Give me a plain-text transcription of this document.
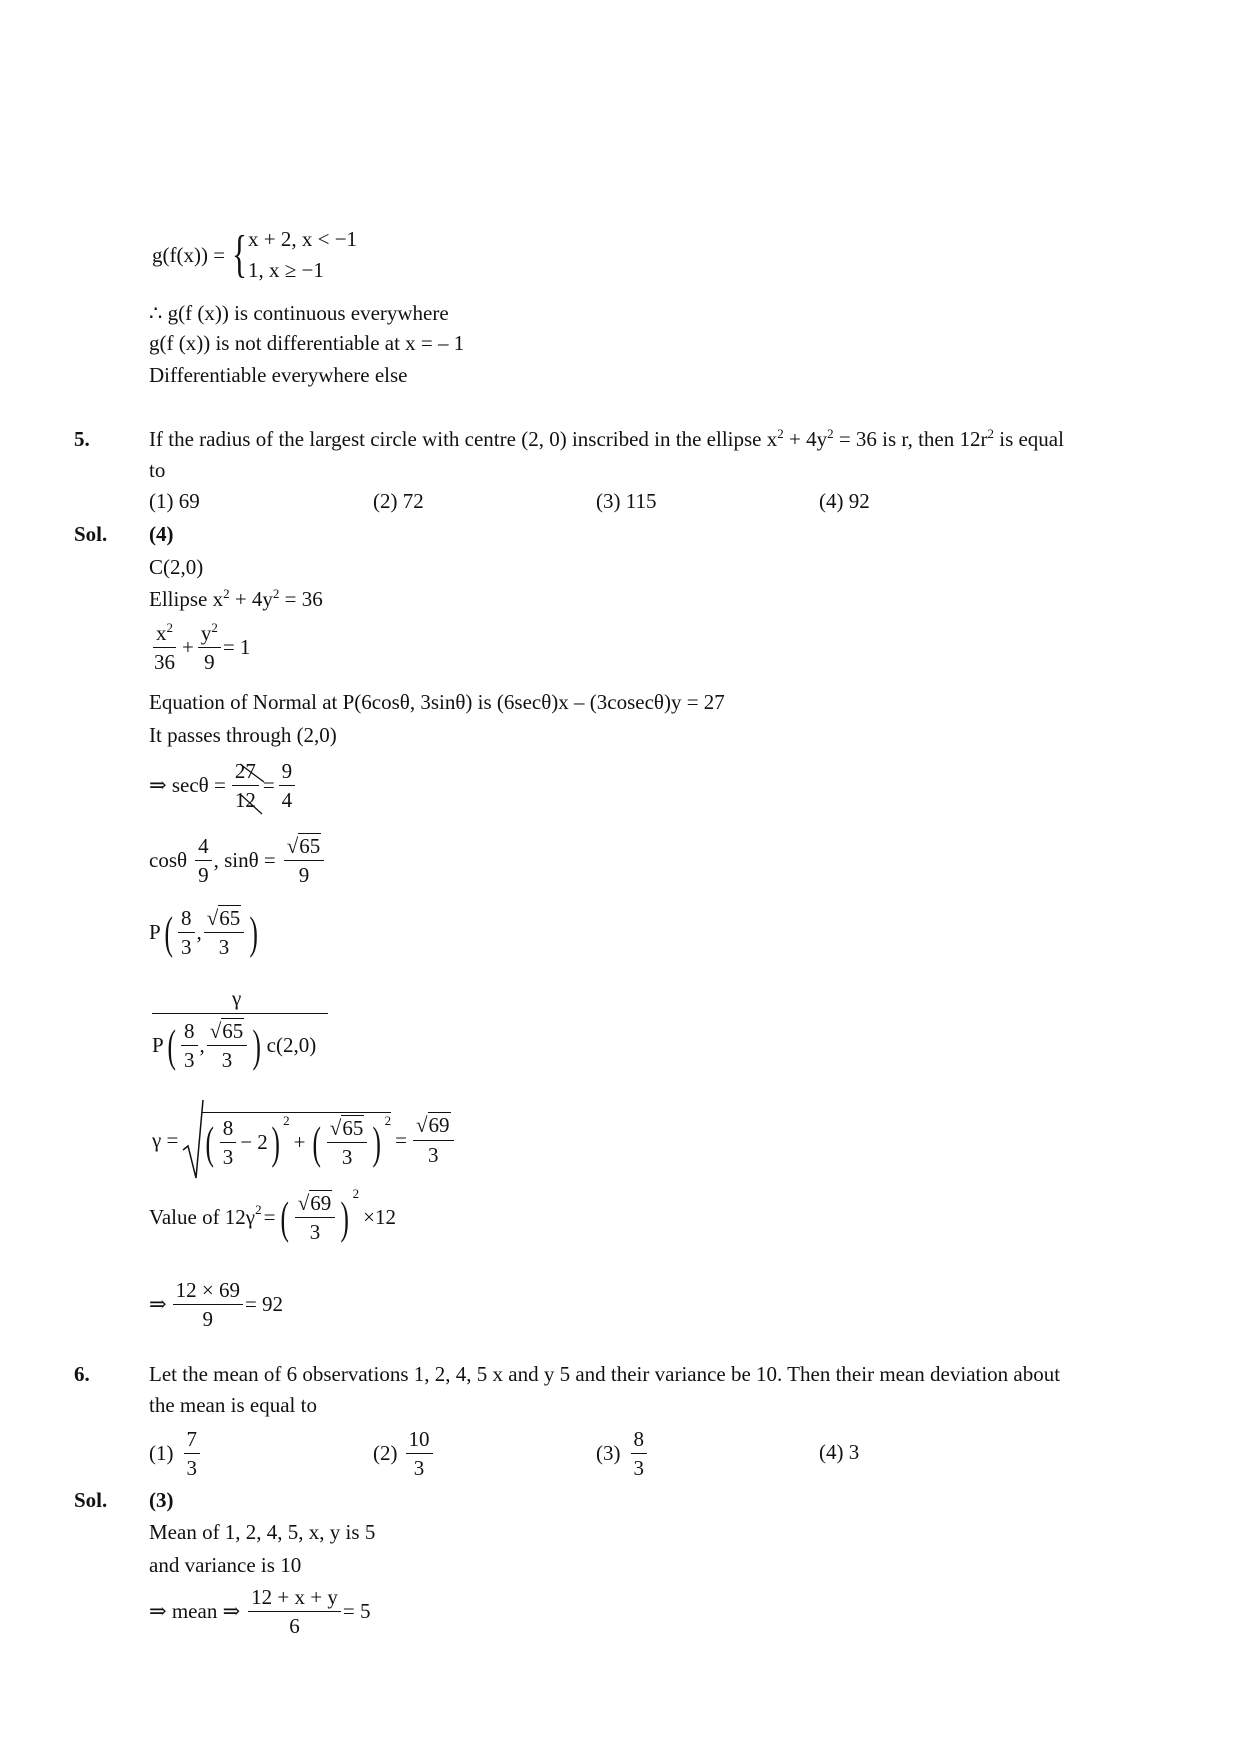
g(f(x)) = { x + 2, x < −1
1, x ≥ −1
∴ g(f (x)) is continuous everywhere
g(f (x)) is not differentiable at x = – 1
Differentiable everywhere else
5.	If the radius of the largest circle with centre (2, 0) inscribed in the ellipse $x^2 + 4y^2 = 36$ is r, then $12r^2$ is equal
to
(1) 69	(2) 72	(3) 115	(4) 92
Sol. (4)
C(2,0)
Ellipse $x^2 + 4y^2 = 36$
$\frac{x^2}{36} + \frac{y^2}{9} = 1$
Equation of Normal at P(6cosθ, 3sinθ) is (6secθ)x – (3cosecθ)y = 27
It passes through (2,0)
⇒ $\sec\theta = \frac{27}{12} = \frac{9}{4}$
cosθ $\frac{4}{9}$ , $\sin\theta = \frac{√65}{9}$
P ( $\frac{8}{3}$ , $\frac{√65}{3}$ )
γ
P ( $\frac{8}{3}$ , $\frac{√65}{3}$ ) c(2,0)
γ = ( $\frac{8}{3} - 2$ ) $^2$
+ ( $\frac{√65}{3}$ ) $^2$
= $\frac{√69}{3}$
Value of $12\gamma^2$ = ( $\frac{√69}{3}$ ) $^2$
×12
⇒ $\frac{12 \times 69}{9} = 92$
6.	Let the mean of 6 observations 1, 2, 4, 5 x and y 5 and their variance be 10. Then their mean deviation about
the mean is equal to
$(1) \frac{7}{3}$	$(2) \frac{10}{3}$	$(3) \frac{8}{3}$	(4) 3
Sol. (3)
Mean of 1, 2, 4, 5, x, y is 5
and variance is 10
⇒ mean ⇒ $\frac{12 + x + y}{6} = 5$
